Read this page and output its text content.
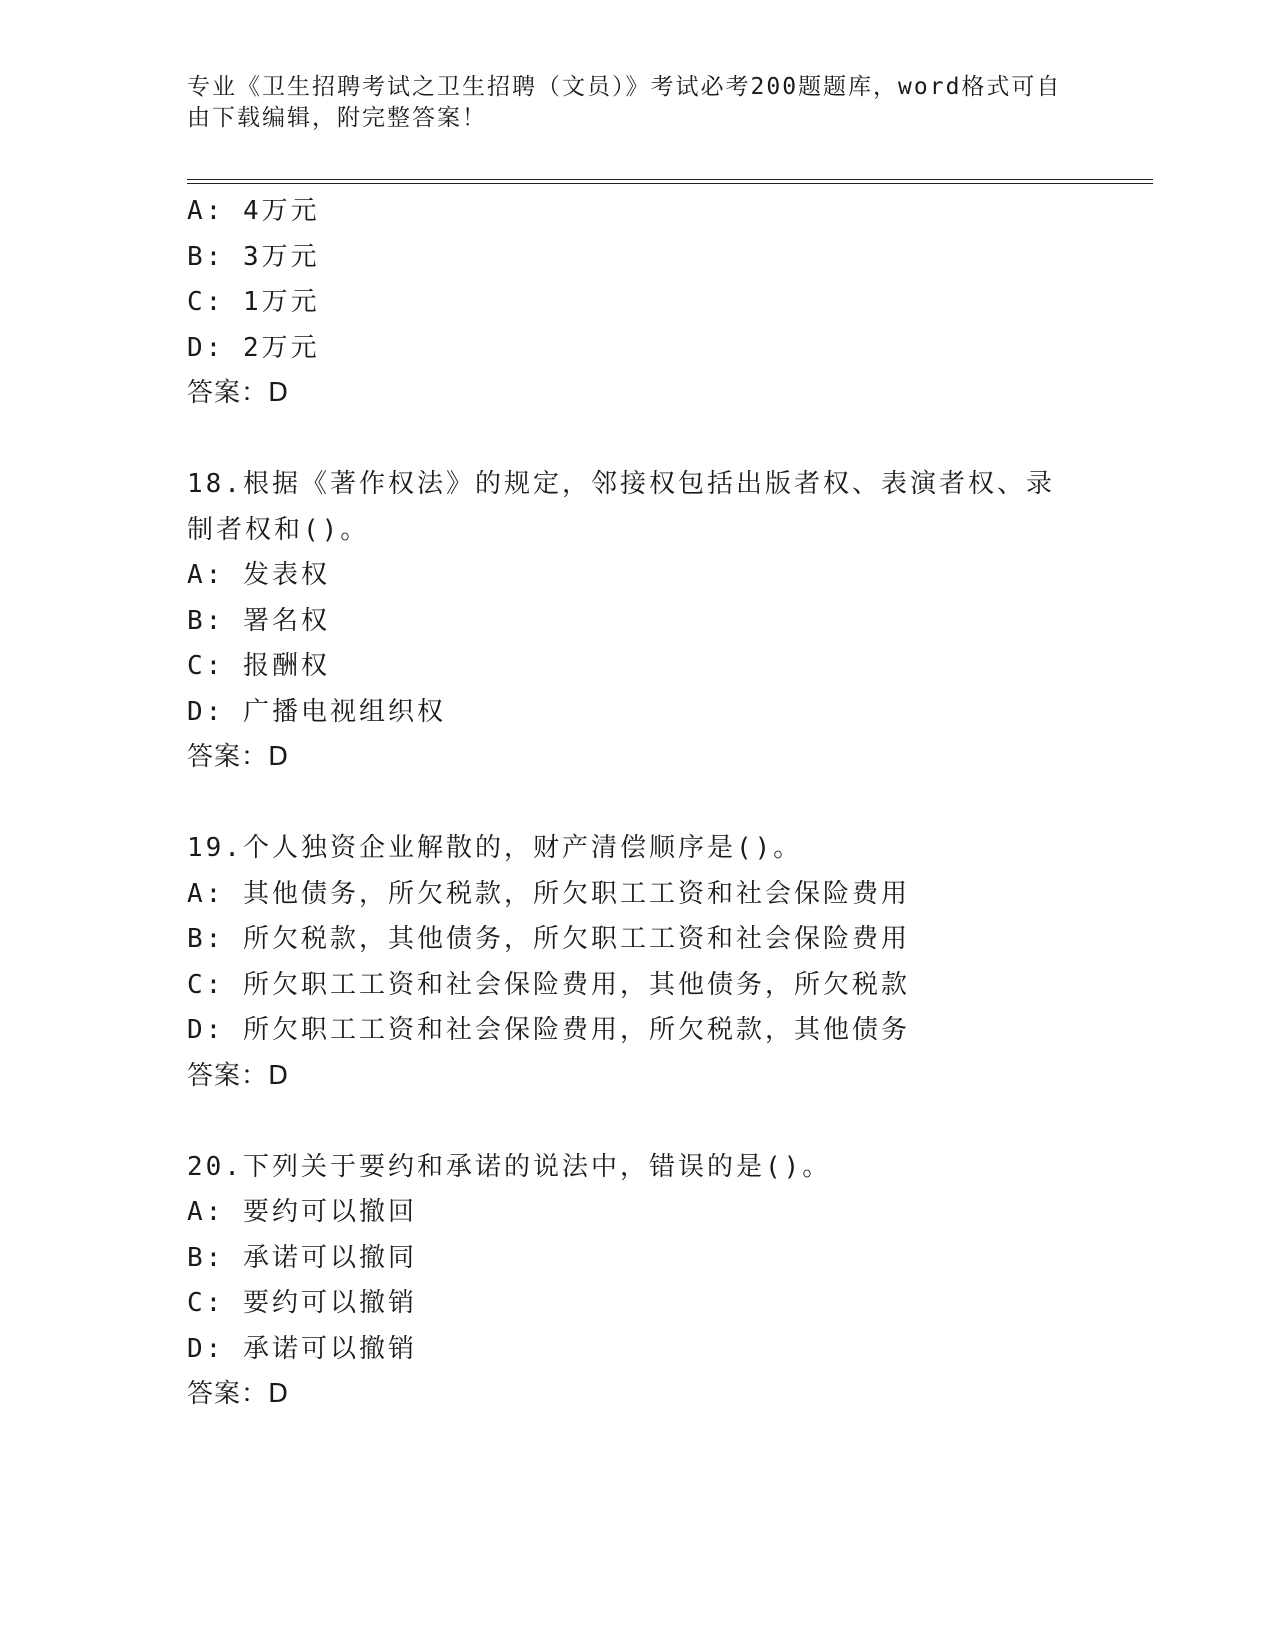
专业《卫生招聘考试之卫生招聘（文员）》考试必考200题题库，word格式可自由下载编辑，附完整答案！
A: 4万元
B: 3万元
C: 1万元
D: 2万元
答案：D
18.根据《著作权法》的规定，邻接权包括出版者权、表演者权、录制者权和()。
A: 发表权
B: 署名权
C: 报酬权
D: 广播电视组织权
答案：D
19.个人独资企业解散的，财产清偿顺序是()。
A: 其他债务，所欠税款，所欠职工工资和社会保险费用
B: 所欠税款，其他债务，所欠职工工资和社会保险费用
C: 所欠职工工资和社会保险费用，其他债务，所欠税款
D: 所欠职工工资和社会保险费用，所欠税款，其他债务
答案：D
20.下列关于要约和承诺的说法中，错误的是()。
A: 要约可以撤回
B: 承诺可以撤同
C: 要约可以撤销
D: 承诺可以撤销
答案：D
